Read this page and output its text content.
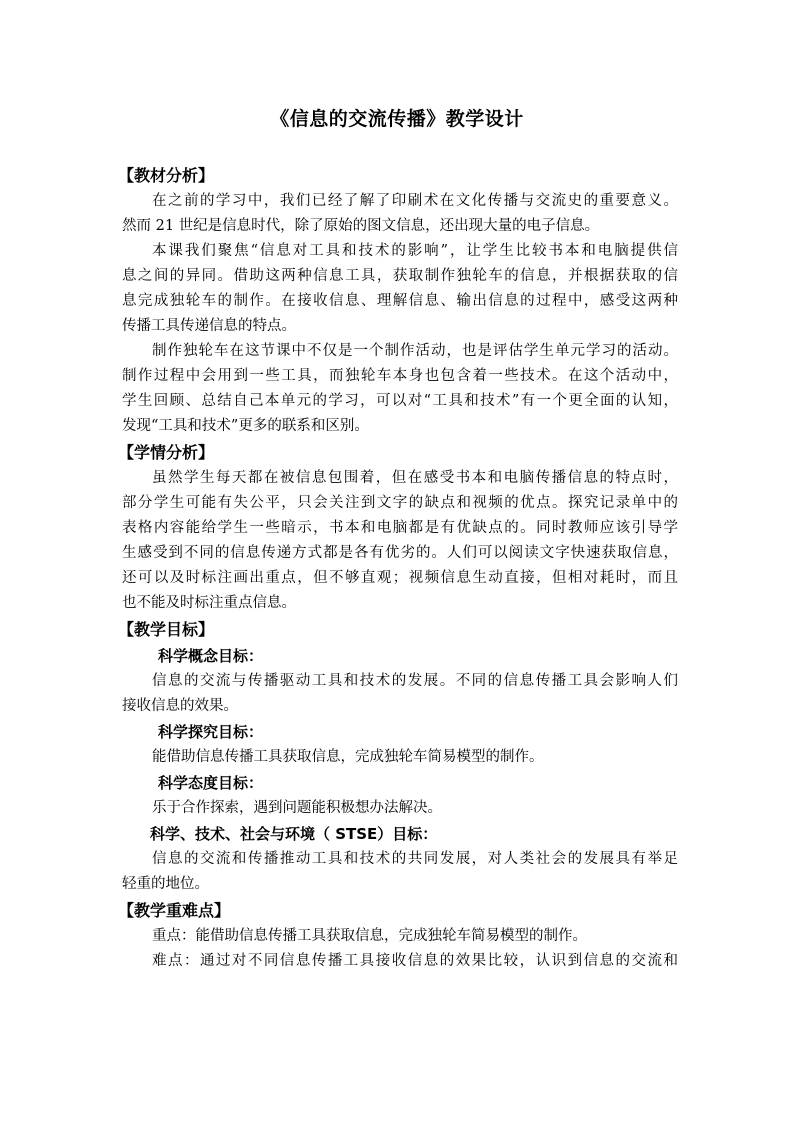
《信息的交流传播》教学设计
【教材分析】
在之前的学习中，我们已经了解了印刷术在文化传播与交流史的重要意义。
然而 21 世纪是信息时代，除了原始的图文信息，还出现大量的电子信息。
本课我们聚焦“信息对工具和技术的影响”，让学生比较书本和电脑提供信
息之间的异同。借助这两种信息工具，获取制作独轮车的信息，并根据获取的信
息完成独轮车的制作。在接收信息、理解信息、输出信息的过程中，感受这两种
传播工具传递信息的特点。
制作独轮车在这节课中不仅是一个制作活动，也是评估学生单元学习的活动。
制作过程中会用到一些工具，而独轮车本身也包含着一些技术。在这个活动中，
学生回顾、总结自己本单元的学习，可以对“工具和技术”有一个更全面的认知，
发现“工具和技术”更多的联系和区别。
【学情分析】
虽然学生每天都在被信息包围着，但在感受书本和电脑传播信息的特点时，
部分学生可能有失公平，只会关注到文字的缺点和视频的优点。探究记录单中的
表格内容能给学生一些暗示，书本和电脑都是有优缺点的。同时教师应该引导学
生感受到不同的信息传递方式都是各有优劣的。人们可以阅读文字快速获取信息，
还可以及时标注画出重点，但不够直观；视频信息生动直接，但相对耗时，而且
也不能及时标注重点信息。
【教学目标】
科学概念目标：
信息的交流与传播驱动工具和技术的发展。不同的信息传播工具会影响人们
接收信息的效果。
科学探究目标：
能借助信息传播工具获取信息，完成独轮车简易模型的制作。
科学态度目标：
乐于合作探索，遇到问题能积极想办法解决。
科学、技术、社会与环境（ STSE）目标：
信息的交流和传播推动工具和技术的共同发展，对人类社会的发展具有举足
轻重的地位。
【教学重难点】
重点：能借助信息传播工具获取信息，完成独轮车简易模型的制作。
难点：通过对不同信息传播工具接收信息的效果比较，认识到信息的交流和
